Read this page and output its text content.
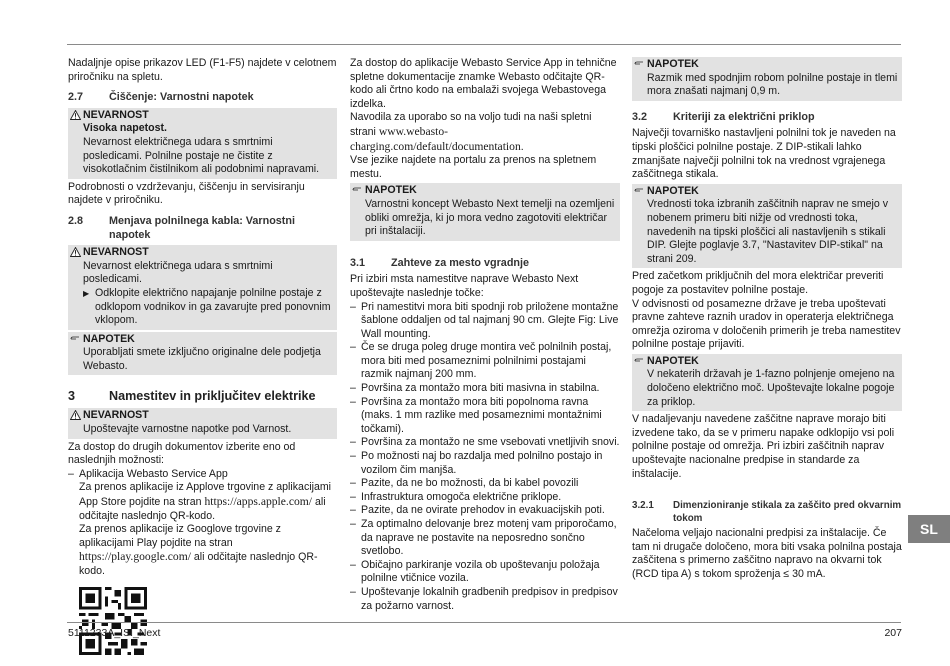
Nadaljnje opise prikazov LED (F1-F5) najdete v celotnem priročniku na spletu.

2.7	Čiščenje: Varnostni napotek
NEVARNOST
Visoka napetost.

Nevarnost električnega udara s smrtnimi posledicami. Polnilne postaje ne čistite z visokotlačnim čistilnikom ali podobnimi napravami.

Podrobnosti o vzdrževanju, čiščenju in servisiranju najdete v priročniku.

2.8	Menjava polnilnega kabla: Varnostni napotek
NEVARNOST

Nevarnost električnega udara s smrtnimi posledicami.

▶ Odklopite električno napajanje polnilne postaje z odklopom vodnikov in ga zavarujte pred ponovnim vklopom.
NAPOTEK

Uporabljati smete izključno originalne dele podjetja Webasto.

3	Namestitev in priključitev elektrike
NEVARNOST

Upoštevajte varnostne napotke pod Varnost.

Za dostop do drugih dokumentov izberite eno od naslednjih možnosti:

– Aplikacija Webasto Service App
Za prenos aplikacije iz Applove trgovine z aplikacijami App Store pojdite na stran https://apps.apple.com/ ali odčitajte naslednjo QR-kodo.
Za prenos aplikacije iz Googlove trgovine z aplikacijami Play pojdite na stran https://play.google.com/ ali odčitajte naslednjo QR-kodo.

Za dostop do aplikacije Webasto Service App in tehnične spletne dokumentacije znamke Webasto odčitajte QR-kodo ali črtno kodo na embalaži svojega Webastovega izdelka.

Navodila za uporabo so na voljo tudi na naši spletni strani www.webasto-charging.com/default/documentation.

Vse jezike najdete na portalu za prenos na spletnem mestu.

NAPOTEK

Varnostni koncept Webasto Next temelji na ozemljeni obliki omrežja, ki jo mora vedno zagotoviti električar pri inštalaciji.

3.1	Zahteve za mesto vgradnje

Pri izbiri msta namestitve naprave Webasto Next upoštevajte naslednje točke:

– Pri namestitvi mora biti spodnji rob priložene montažne šablone oddaljen od tal najmanj 90 cm. Glejte Fig: Live Wall mounting.
– Če se druga poleg druge montira več polnilnih postaj, mora biti med posameznimi polnilnimi postajami razmik najmanj 200 mm.
– Površina za montažo mora biti masivna in stabilna.
– Površina za montažo mora biti popolnoma ravna (maks. 1 mm razlike med posameznimi montažnimi točkami).
– Površina za montažo ne sme vsebovati vnetljivih snovi.
– Po možnosti naj bo razdalja med polnilno postajo in vozilom čim manjša.
– Pazite, da ne bo možnosti, da bi kabel povozili
– Infrastruktura omogoča električne priklope.
– Pazite, da ne ovirate prehodov in evakuacijskih poti.
– Za optimalno delovanje brez motenj vam priporočamo, da naprave ne postavite na neposredno sončno svetlobo.
– Običajno parkiranje vozila ob upoštevanju položaja polnilne vtičnice vozila.
– Upoštevanje lokalnih gradbenih predpisov in predpisov za požarno varnost.
NAPOTEK

Razmik med spodnjim robom polnilne postaje in tlemi mora znašati najmanj 0,9 m.

3.2	Kriteriji za električni priklop

Največji tovarniško nastavljeni polnilni tok je naveden na tipski ploščici polnilne postaje. Z DIP-stikali lahko zmanjšate največji polnilni tok na vrednost vgrajenega zaščitnega stikala.

NAPOTEK

Vrednosti toka izbranih zaščitnih naprav ne smejo v nobenem primeru biti nižje od vrednosti toka, navedenih na tipski ploščici ali nastavljenih s stikali DIP. Glejte poglavje 3.7, "Nastavitev DIP-stikal" na strani 209.

Pred začetkom priključnih del mora električar preveriti pogoje za postavitev polnilne postaje.

V odvisnosti od posamezne države je treba upoštevati pravne zahteve raznih uradov in operaterja električnega omrežja oziroma v določenih primerih je treba namestitev polnilne postaje prijaviti.

NAPOTEK

V nekaterih državah je 1-fazno polnjenje omejeno na določeno električno moč. Upoštevajte lokalne pogoje za priklop.

V nadaljevanju navedene zaščitne naprave morajo biti izvedene tako, da se v primeru napake odklopijo vsi poli polnilne postaje od omrežja. Pri izbiri zaščitnih naprav upoštevajte nacionalne predpise in standarde za inštalacije.

3.2.1	Dimenzioniranje stikala za zaščito pred okvarnim tokom

Načeloma veljajo nacionalni predpisi za inštalacije. Če tam ni drugače določeno, mora biti vsaka polnilna postaja zaščitena s primerno zaščitno napravo na okvarni tok (RCD tipa A) s tokom sproženja ≤ 30 mA.

SL
5111233A_ISI_Next	207
